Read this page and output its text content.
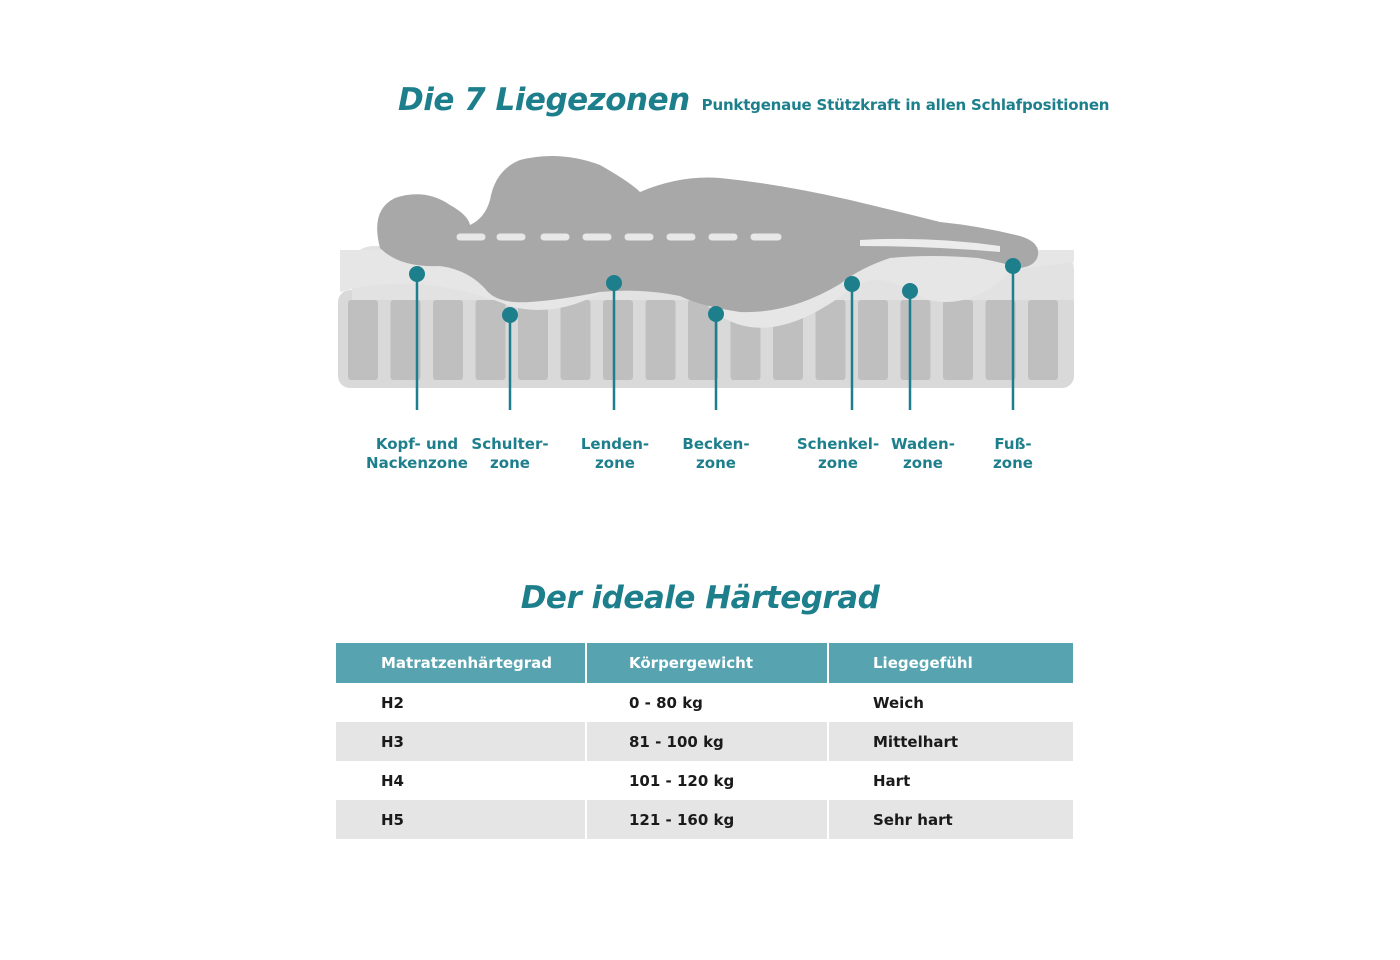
Die 7 Liegezonen Punktgenaue Stützkraft in allen Schlafpositionen
Kopf- und
Nackenzone
Schulter-
zone
Lenden-
zone
Becken-
zone
Schenkel-
zone
Waden-
zone
Fuß-
zone
Der ideale Härtegrad
Matratzenhärtegrad	Körpergewicht	Liegegefühl
H2	0 - 80 kg	Weich
H3	81 - 100 kg	Mittelhart
H4	101 - 120 kg	Hart
H5	121 - 160 kg	Sehr hart
